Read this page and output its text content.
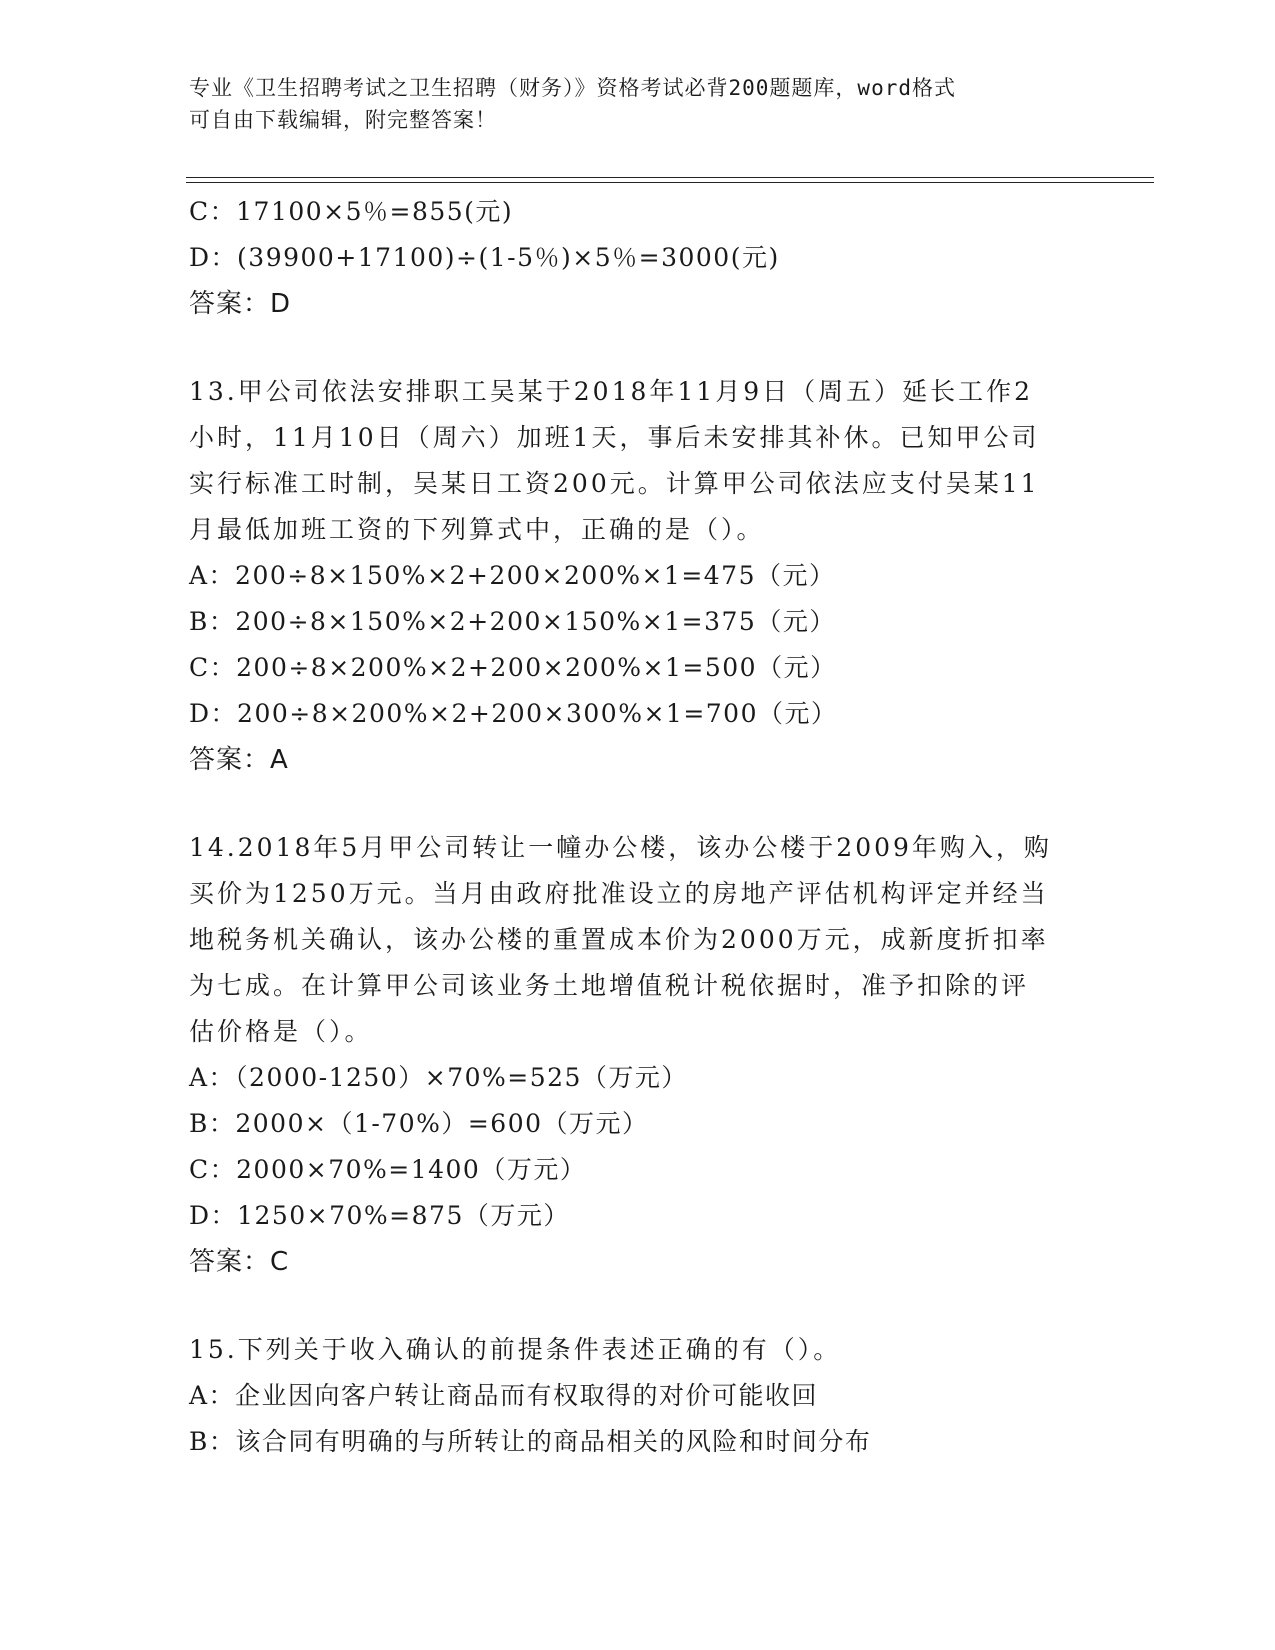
专业《卫生招聘考试之卫生招聘（财务）》资格考试必背200题题库，word格式
可自由下载编辑，附完整答案！
C：17100×5％=855(元)
D：(39900+17100)÷(1-5％)×5％=3000(元)
答案：D
13.甲公司依法安排职工吴某于2018年11月9日（周五）延长工作2
小时，11月10日（周六）加班1天，事后未安排其补休。已知甲公司
实行标准工时制，吴某日工资200元。计算甲公司依法应支付吴某11
月最低加班工资的下列算式中，正确的是（）。
A：200÷8×150%×2+200×200%×1=475（元）
B：200÷8×150%×2+200×150%×1=375（元）
C：200÷8×200%×2+200×200%×1=500（元）
D：200÷8×200%×2+200×300%×1=700（元）
答案：A
14.2018年5月甲公司转让一幢办公楼，该办公楼于2009年购入，购
买价为1250万元。当月由政府批准设立的房地产评估机构评定并经当
地税务机关确认，该办公楼的重置成本价为2000万元，成新度折扣率
为七成。在计算甲公司该业务土地增值税计税依据时，准予扣除的评
估价格是（）。
A：（2000-1250）×70%=525（万元）
B：2000×（1-70%）=600（万元）
C：2000×70%=1400（万元）
D：1250×70%=875（万元）
答案：C
15.下列关于收入确认的前提条件表述正确的有（）。
A：企业因向客户转让商品而有权取得的对价可能收回
B：该合同有明确的与所转让的商品相关的风险和时间分布
